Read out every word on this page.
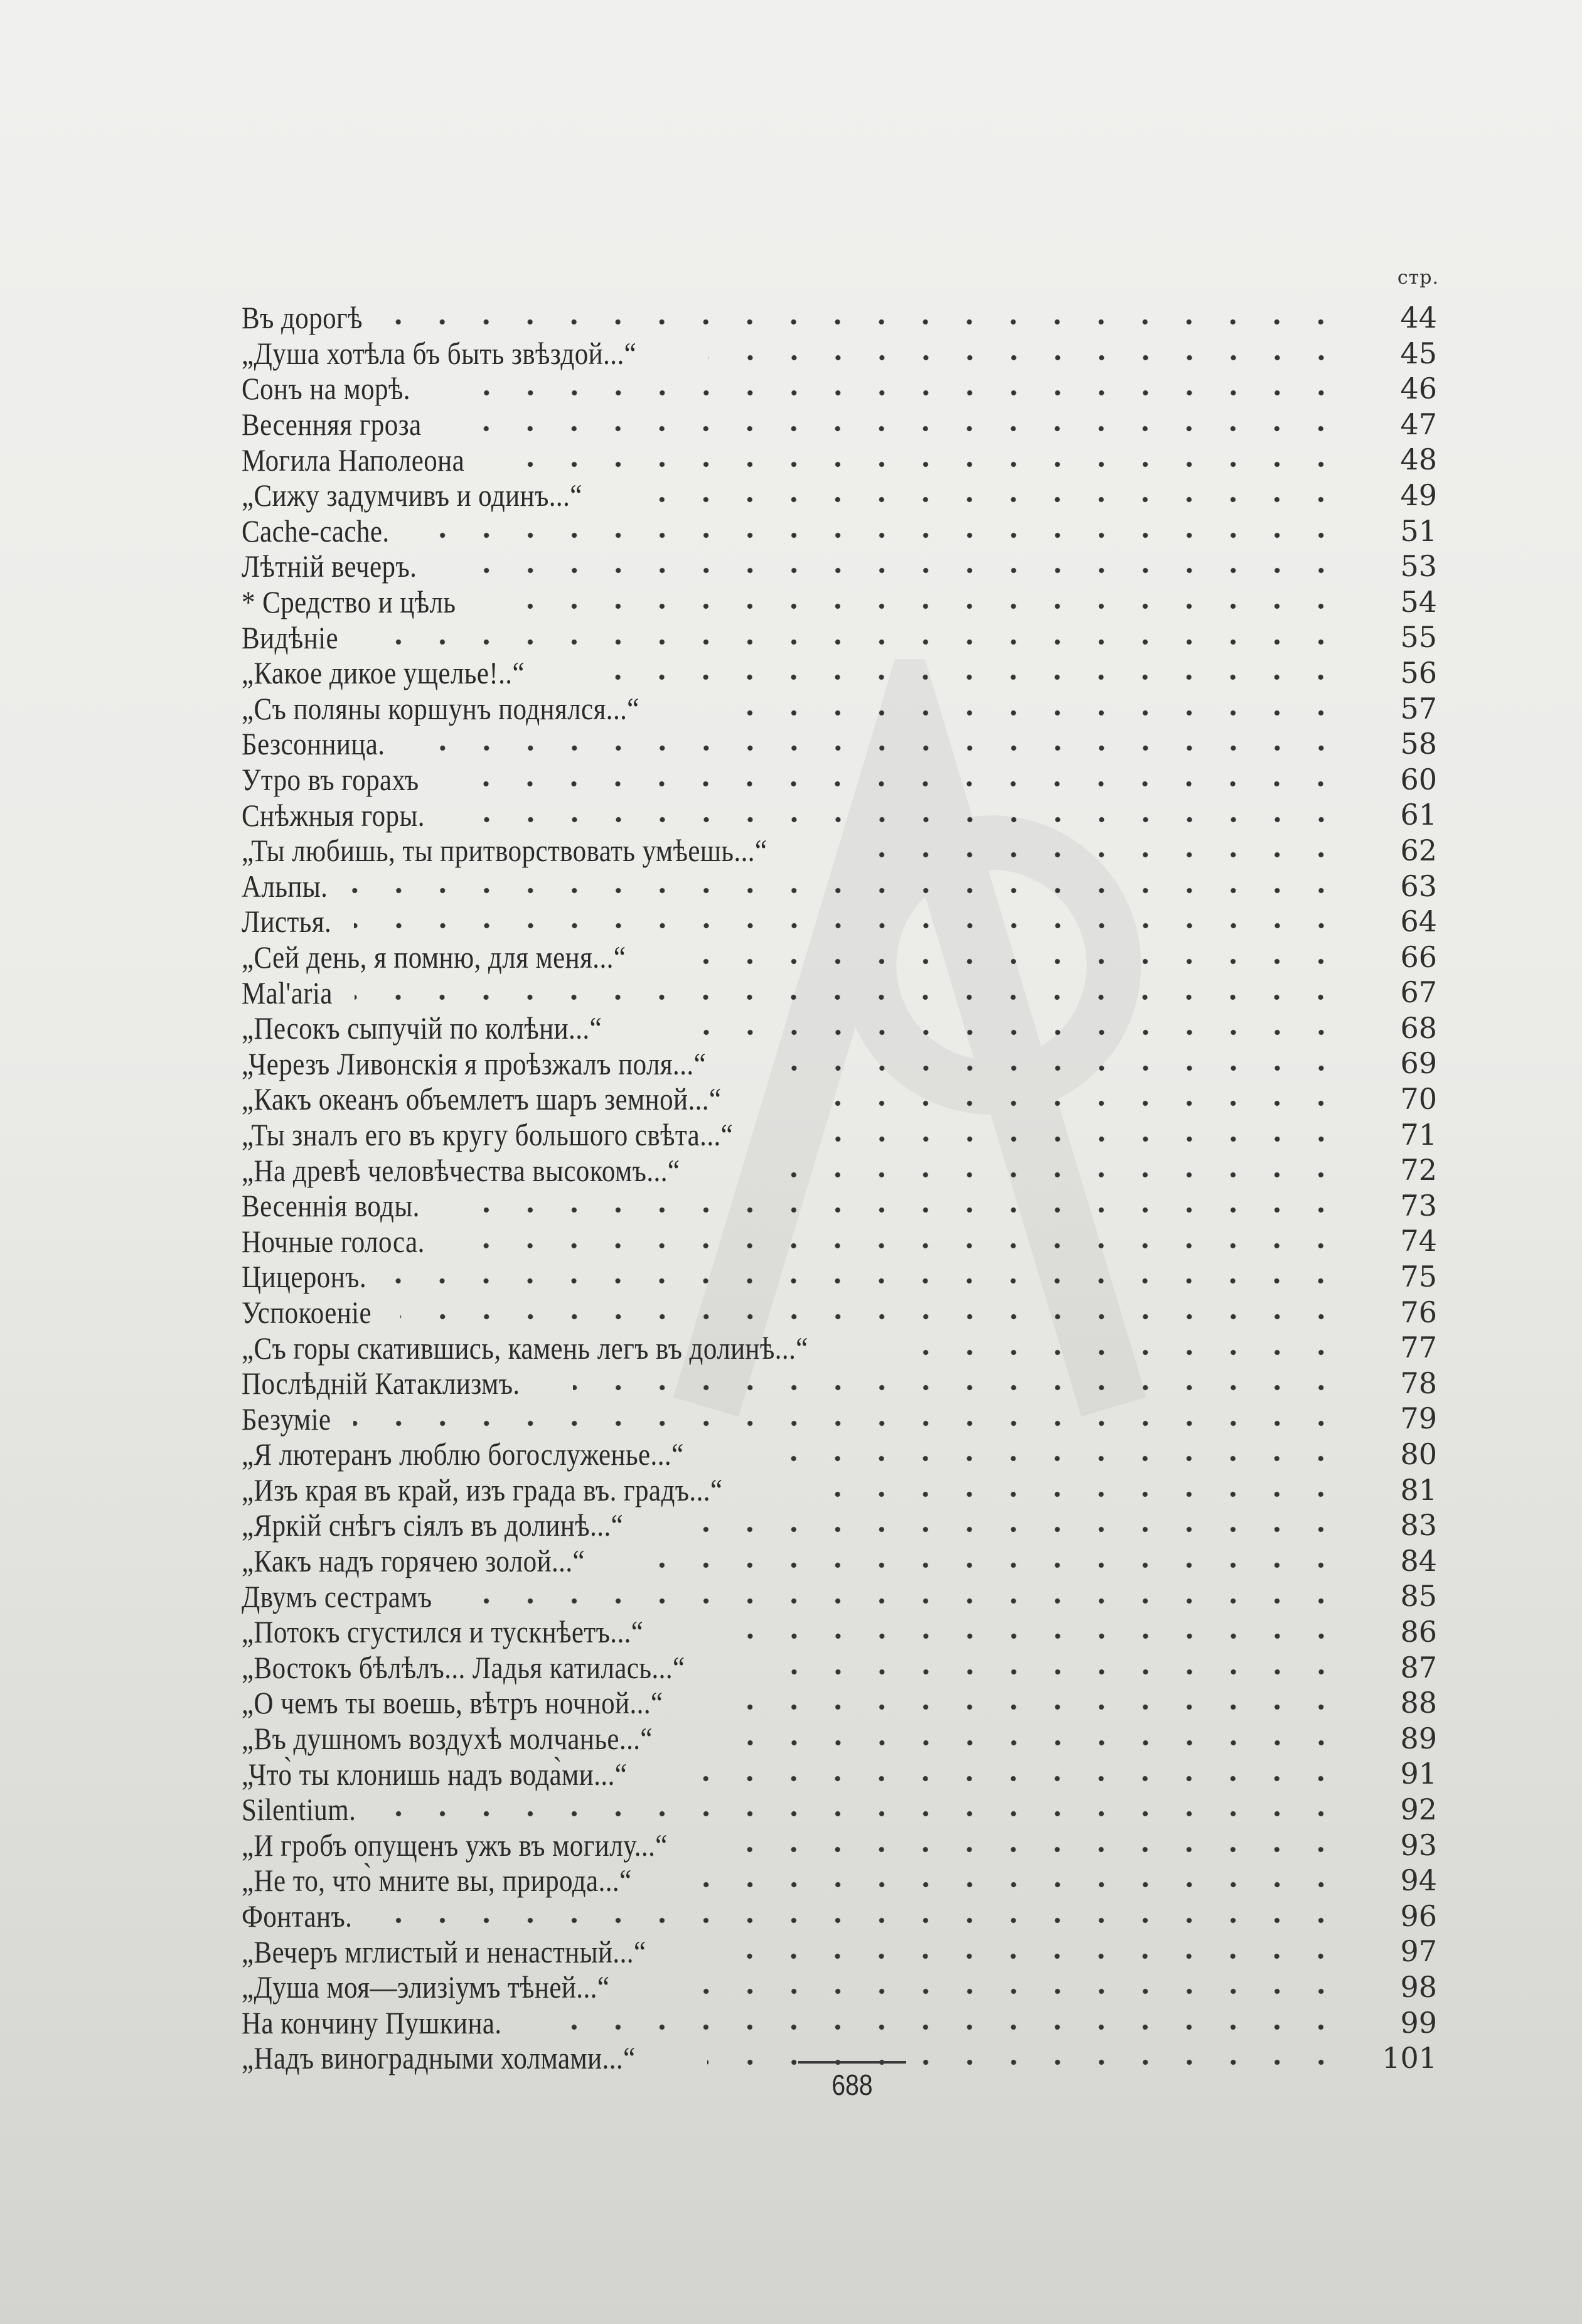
стр.
Въ дорогѣ	44
„Душа хотѣла бъ быть звѣздой...“	45
Сонъ на морѣ.	46
Весенняя гроза	47
Могила Наполеона	48
„Сижу задумчивъ и одинъ...“	49
Cache-cache.	51
Лѣтній вечеръ.	53
* Средство и цѣль	54
Видѣніе	55
„Какое дикое ущелье!..“	56
„Съ поляны коршунъ поднялся...“	57
Безсонница.	58
Утро въ горахъ	60
Снѣжныя горы.	61
„Ты любишь, ты притворствовать умѣешь...“	62
Альпы.	63
Листья.	64
„Сей день, я помню, для меня...“	66
Mal'aria	67
„Песокъ сыпучій по колѣни...“	68
„Черезъ Ливонскія я проѣзжалъ поля...“	69
„Какъ океанъ объемлетъ шаръ земной...“	70
„Ты зналъ его въ кругу большого свѣта...“	71
„На древѣ человѣчества высокомъ...“	72
Весеннія воды.	73
Ночные голоса.	74
Цицеронъ.	75
Успокоеніе	76
„Съ горы скатившись, камень легъ въ долинѣ...“	77
Послѣдній Катаклизмъ.	78
Безуміе	79
„Я лютеранъ люблю богослуженье...“	80
„Изъ края въ край, изъ града въ. градъ...“	81
„Яркій снѣгъ сіялъ въ долинѣ...“	83
„Какъ надъ горячею золой...“	84
Двумъ сестрамъ	85
„Потокъ сгустился и тускнѣетъ...“	86
„Востокъ бѣлѣлъ... Ладья катилась...“	87
„О чемъ ты воешь, вѣтръ ночной...“	88
„Въ душномъ воздухѣ молчанье...“	89
„Что̀ ты клонишь надъ вода̀ми...“	91
Silentium.	92
„И гробъ опущенъ ужъ въ могилу...“	93
„Не то, что̀ мните вы, природа...“	94
Фонтанъ.	96
„Вечеръ мглистый и ненастный...“	97
„Душа моя—элизіумъ тѣней...“	98
На кончину Пушкина.	99
„Надъ виноградными холмами...“	101
688
